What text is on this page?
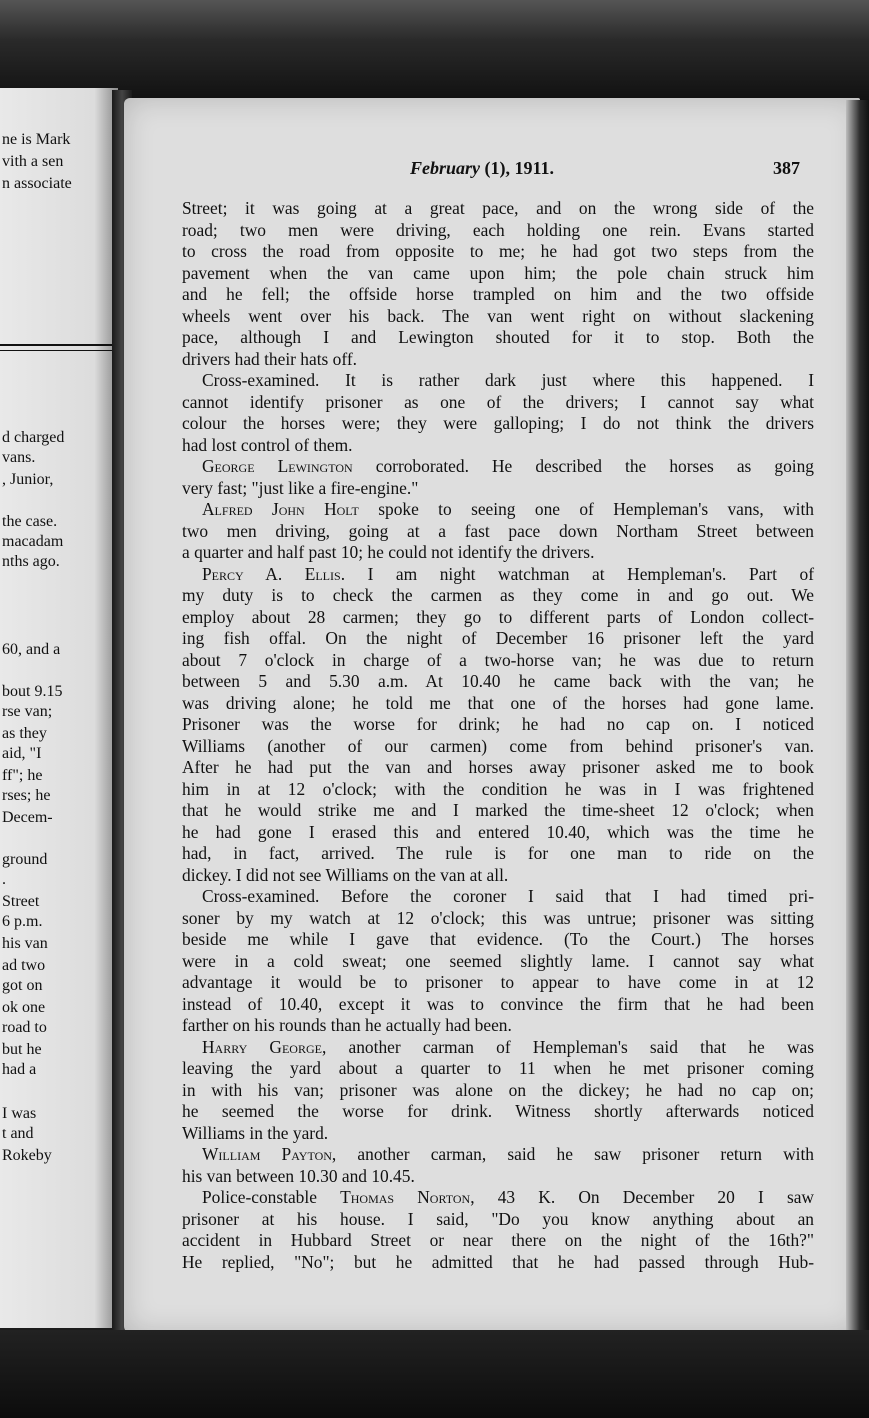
ne is Mark
vith a sen
n associate
d charged
vans.
, Junior,
the case.
macadam
nths ago.
60, and a
bout 9.15
rse van;
as they
aid, "I
ff"; he
rses; he
Decem-
ground
.
Street
6 p.m.
his van
ad two
got on
ok one
road to
but he
had a
I was
t and
Rokeby
February (1), 1911.	387
Street; it was going at a great pace, and on the wrong side of the
road; two men were driving, each holding one rein. Evans started
to cross the road from opposite to me; he had got two steps from the
pavement when the van came upon him; the pole chain struck him
and he fell; the offside horse trampled on him and the two offside
wheels went over his back. The van went right on without slackening
pace, although I and Lewington shouted for it to stop. Both the
drivers had their hats off.
Cross-examined. It is rather dark just where this happened. I
cannot identify prisoner as one of the drivers; I cannot say what
colour the horses were; they were galloping; I do not think the drivers
had lost control of them.
George Lewington corroborated. He described the horses as going
very fast; "just like a fire-engine."
Alfred John Holt spoke to seeing one of Hempleman's vans, with
two men driving, going at a fast pace down Northam Street between
a quarter and half past 10; he could not identify the drivers.
Percy A. Ellis. I am night watchman at Hempleman's. Part of
my duty is to check the carmen as they come in and go out. We
employ about 28 carmen; they go to different parts of London collect-
ing fish offal. On the night of December 16 prisoner left the yard
about 7 o'clock in charge of a two-horse van; he was due to return
between 5 and 5.30 a.m. At 10.40 he came back with the van; he
was driving alone; he told me that one of the horses had gone lame.
Prisoner was the worse for drink; he had no cap on. I noticed
Williams (another of our carmen) come from behind prisoner's van.
After he had put the van and horses away prisoner asked me to book
him in at 12 o'clock; with the condition he was in I was frightened
that he would strike me and I marked the time-sheet 12 o'clock; when
he had gone I erased this and entered 10.40, which was the time he
had, in fact, arrived. The rule is for one man to ride on the
dickey. I did not see Williams on the van at all.
Cross-examined. Before the coroner I said that I had timed pri-
soner by my watch at 12 o'clock; this was untrue; prisoner was sitting
beside me while I gave that evidence. (To the Court.) The horses
were in a cold sweat; one seemed slightly lame. I cannot say what
advantage it would be to prisoner to appear to have come in at 12
instead of 10.40, except it was to convince the firm that he had been
farther on his rounds than he actually had been.
Harry George, another carman of Hempleman's said that he was
leaving the yard about a quarter to 11 when he met prisoner coming
in with his van; prisoner was alone on the dickey; he had no cap on;
he seemed the worse for drink. Witness shortly afterwards noticed
Williams in the yard.
William Payton, another carman, said he saw prisoner return with
his van between 10.30 and 10.45.
Police-constable Thomas Norton, 43 K. On December 20 I saw
prisoner at his house. I said, "Do you know anything about an
accident in Hubbard Street or near there on the night of the 16th?"
He replied, "No"; but he admitted that he had passed through Hub-
